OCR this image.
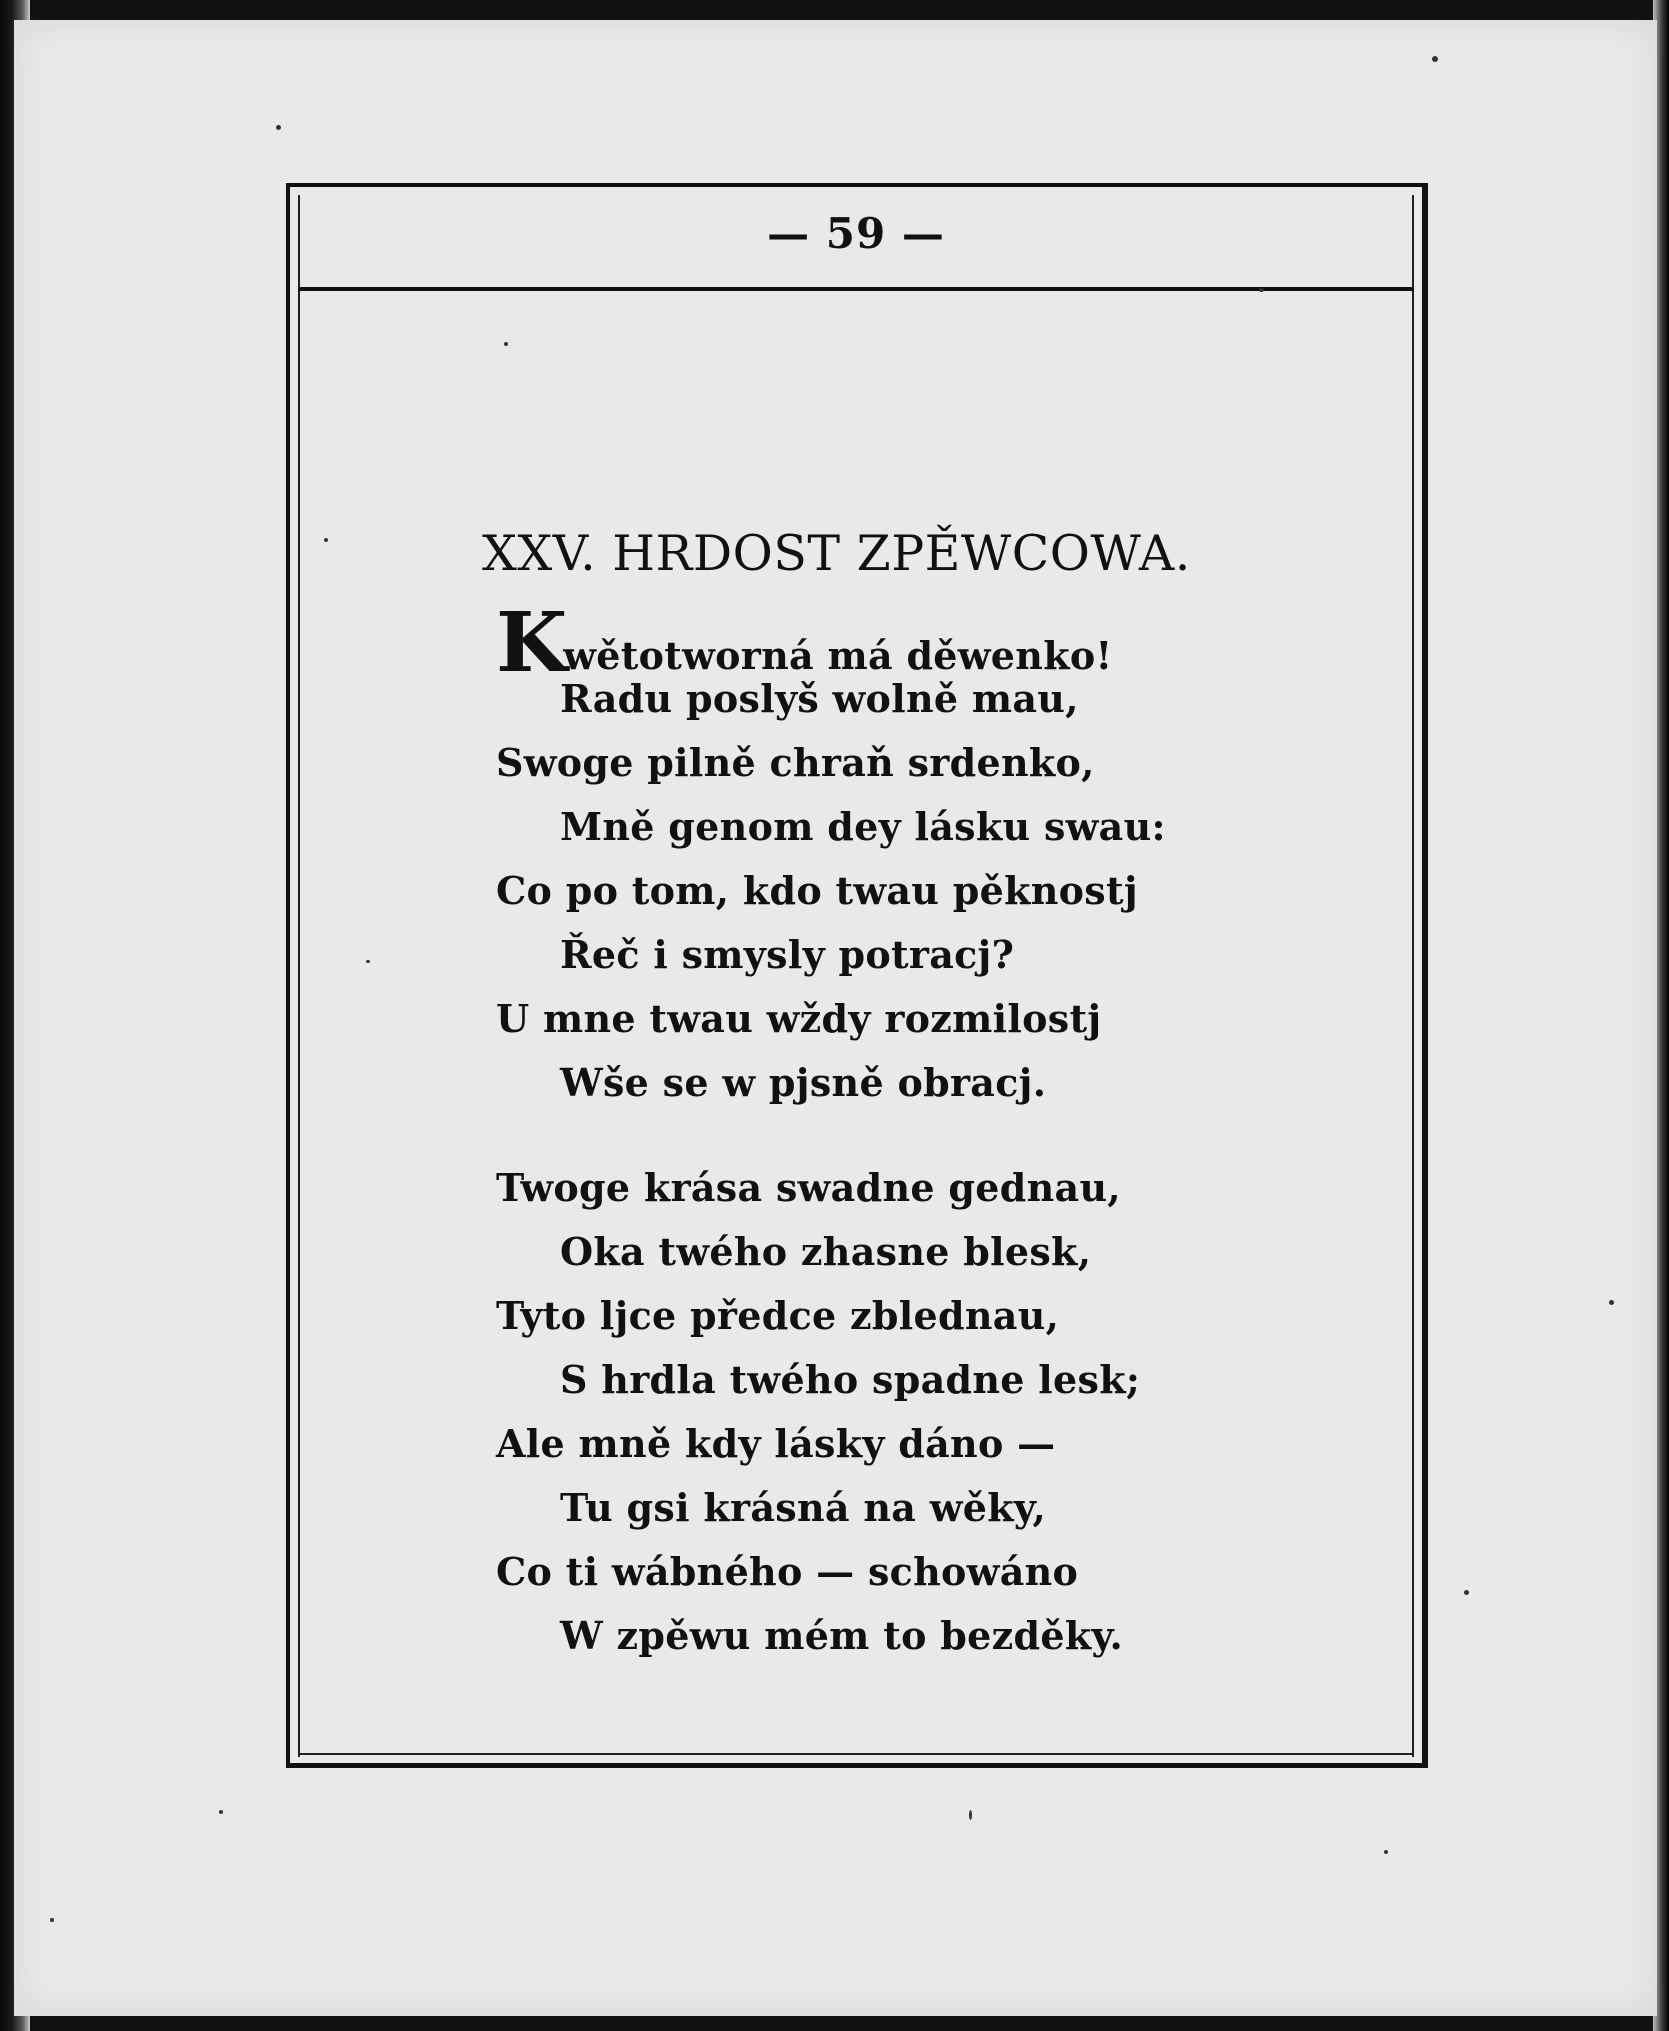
— 59 —
XXV. HRDOST ZPĚWCOWA.
Kwětotworná má děwenko!
Radu poslyš wolně mau,
Swoge pilně chraň srdenko,
Mně genom dey lásku swau:
Co po tom, kdo twau pěknostj
Řeč i smysly potracj?
U mne twau wždy rozmilostj
Wše se w pjsně obracj.
Twoge krása swadne gednau,
Oka twého zhasne blesk,
Tyto ljce předce zblednau,
S hrdla twého spadne lesk;
Ale mně kdy lásky dáno —
Tu gsi krásná na wěky,
Co ti wábného — schowáno
W zpěwu mém to bezděky.
